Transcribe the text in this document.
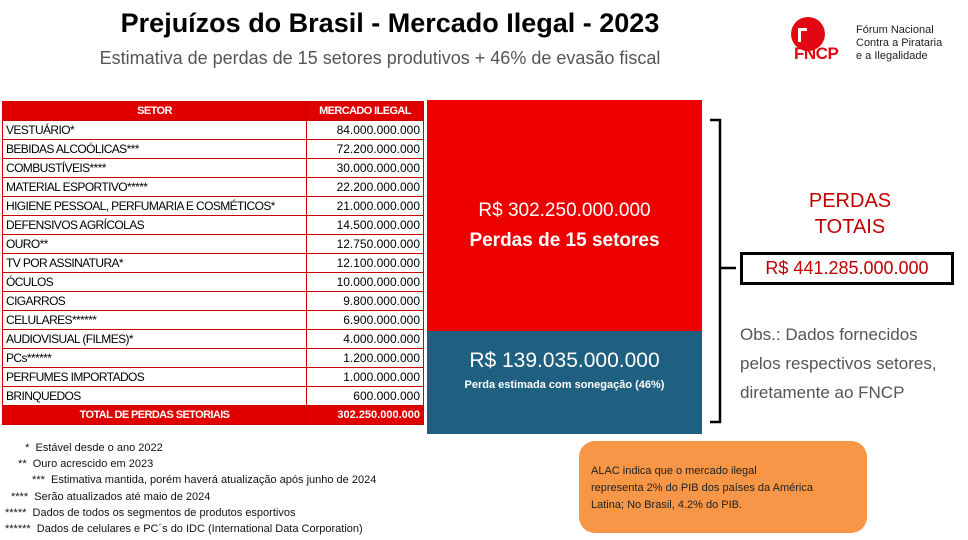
Prejuízos do Brasil - Mercado Ilegal - 2023
Estimativa de perdas de 15 setores produtivos + 46% de evasão fiscal	FNCP
Fórum Nacional
Contra a Pirataria
e a Ilegalidade
SETOR	MERCADO ILEGAL
VESTUÁRIO*	84.000.000.000
BEBIDAS ALCOÓLICAS***	72.200.000.000
COMBUSTÍVEIS****	30.000.000.000
MATERIAL ESPORTIVO*****	22.200.000.000
HIGIENE PESSOAL, PERFUMARIA E COSMÉTICOS*	21.000.000.000
DEFENSIVOS AGRÍCOLAS	14.500.000.000
OURO**	12.750.000.000
TV POR ASSINATURA*	12.100.000.000
ÓCULOS	10.000.000.000
CIGARROS	9.800.000.000
CELULARES******	6.900.000.000
AUDIOVISUAL (FILMES)*	4.000.000.000
PCs******	1.200.000.000
PERFUMES IMPORTADOS	1.000.000.000
BRINQUEDOS	600.000.000
TOTAL DE PERDAS SETORIAIS	302.250.000.000
R$ 302.250.000.000
Perdas de 15 setores
R$ 139.035.000.000
Perda estimada com sonegação (46%)
PERDAS
TOTAIS
R$ 441.285.000.000
Obs.: Dados fornecidos
pelos respectivos setores,
diretamente ao FNCP
*  Estável desde o ano 2022
**  Ouro acrescido em 2023
***  Estimativa mantida, porém haverá atualização após junho de 2024
****  Serão atualizados até maio de 2024
*****  Dados de todos os segmentos de produtos esportivos
******  Dados de celulares e PC´s do IDC (International Data Corporation)
ALAC indica que o mercado ilegal
representa 2% do PIB dos países da América
Latina; No Brasil, 4.2% do PIB.
